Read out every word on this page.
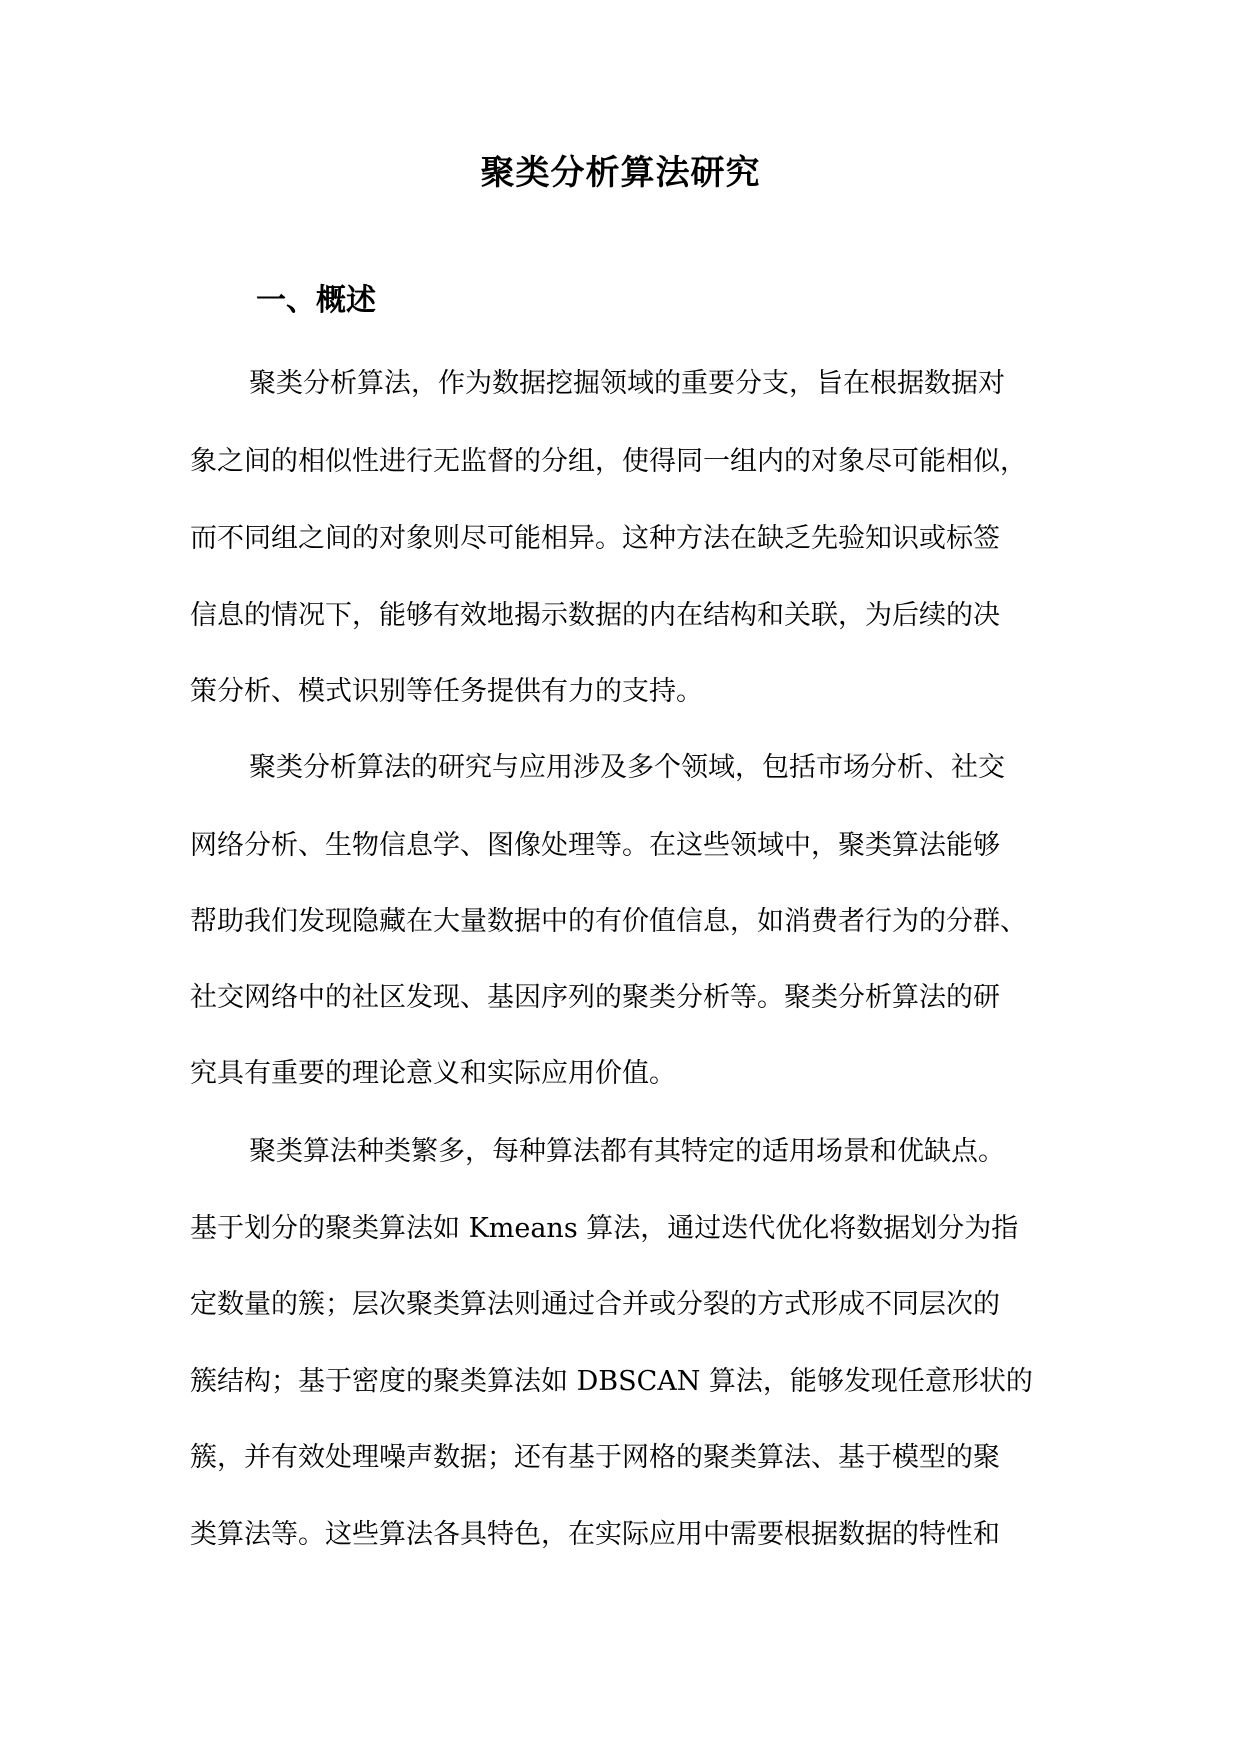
聚类分析算法研究
一、概述
聚类分析算法，作为数据挖掘领域的重要分支，旨在根据数据对
象之间的相似性进行无监督的分组，使得同一组内的对象尽可能相似，
而不同组之间的对象则尽可能相异。这种方法在缺乏先验知识或标签
信息的情况下，能够有效地揭示数据的内在结构和关联，为后续的决
策分析、模式识别等任务提供有力的支持。
聚类分析算法的研究与应用涉及多个领域，包括市场分析、社交
网络分析、生物信息学、图像处理等。在这些领域中，聚类算法能够
帮助我们发现隐藏在大量数据中的有价值信息，如消费者行为的分群、
社交网络中的社区发现、基因序列的聚类分析等。聚类分析算法的研
究具有重要的理论意义和实际应用价值。
聚类算法种类繁多，每种算法都有其特定的适用场景和优缺点。
基于划分的聚类算法如 Kmeans 算法，通过迭代优化将数据划分为指
定数量的簇；层次聚类算法则通过合并或分裂的方式形成不同层次的
簇结构；基于密度的聚类算法如 DBSCAN 算法，能够发现任意形状的
簇，并有效处理噪声数据；还有基于网格的聚类算法、基于模型的聚
类算法等。这些算法各具特色，在实际应用中需要根据数据的特性和
